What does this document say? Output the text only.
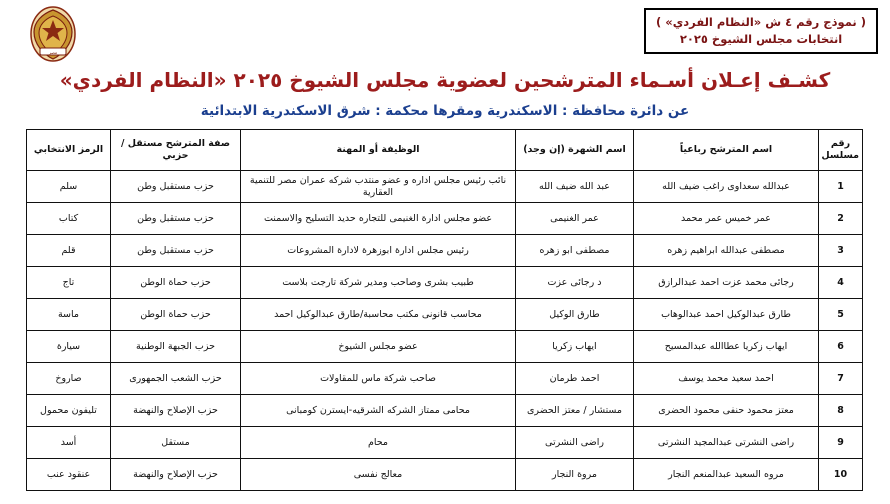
( نموذج رقم ٤ ش «النظام الفردي» )
انتخابات مجلس الشيوخ ٢٠٢٥
مصر
كشـف إعـلان أسـماء المترشحين لعضوية مجلس الشيوخ ٢٠٢٥ «النظام الفردي»
عن دائرة محافظة : الاسكندرية ومقرها محكمة : شرق الاسكندرية الابتدائية
رقم مسلسل	اسم المترشح رباعياً	اسم الشهرة (إن وجد)	الوظيفة أو المهنة	صفة المترشح مستقل / حزبي	الرمز الانتخابي
1	عبدالله سعداوى راغب ضيف الله	عبد الله ضيف الله	نائب رئيس مجلس اداره و عضو منتدب شركه عمران مصر للتنمية العقارية	حزب مستقبل وطن	سلم
2	عمر خميس عمر محمد	عمر الغنيمى	عضو مجلس ادارة الغنيمى للتجاره حديد التسليح والاسمنت	حزب مستقبل وطن	كتاب
3	مصطفى عبدالله ابراهيم زهره	مصطفى ابو زهره	رئيس مجلس ادارة ابوزهرة لادارة المشروعات	حزب مستقبل وطن	قلم
4	رجائى محمد عزت احمد عبدالرازق	د رجائى عزت	طبيب بشرى وصاحب ومدير شركة تارجت بلاست	حزب حماة الوطن	تاج
5	طارق عبدالوكيل احمد عبدالوهاب	طارق الوكيل	محاسب قانونى مكتب محاسبة/طارق عبدالوكيل احمد	حزب حماة الوطن	ماسة
6	ايهاب زكريا عطاالله عبدالمسيح	ايهاب زكريا	عضو مجلس الشيوخ	حزب الجبهة الوطنية	سيارة
7	احمد سعيد محمد يوسف	احمد طرمان	صاحب شركة ماس للمقاولات	حزب الشعب الجمهورى	صاروخ
8	معتز محمود حنفى محمود الحضرى	مستشار / معتز الحضرى	محامى ممتاز الشركه الشرقيه-ايسترن كومبانى	حزب الإصلاح والنهضة	تليفون محمول
9	راضى النشرتى عبدالمجيد النشرتى	راضى النشرتى	محام	مستقل	أسد
10	مروه السعيد عبدالمنعم النجار	مروة النجار	معالج نفسى	حزب الإصلاح والنهضة	عنقود عنب
